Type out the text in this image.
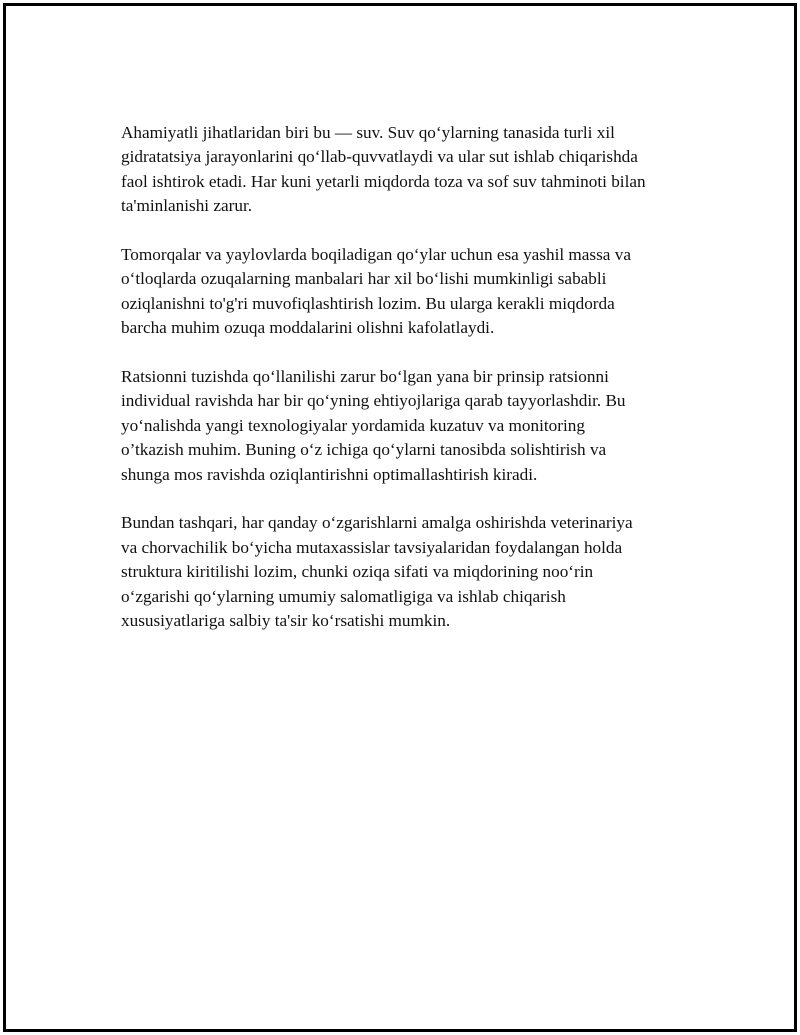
Ahamiyatli jihatlaridan biri bu — suv. Suv qo‘ylarning tanasida turli xil
gidratatsiya jarayonlarini qo‘llab-quvvatlaydi va ular sut ishlab chiqarishda
faol ishtirok etadi. Har kuni yetarli miqdorda toza va sof suv tahminoti bilan
ta'minlanishi zarur.

Tomorqalar va yaylovlarda boqiladigan qo‘ylar uchun esa yashil massa va
o‘tloqlarda ozuqalarning manbalari har xil bo‘lishi mumkinligi sababli
oziqlanishni to'g'ri muvofiqlashtirish lozim. Bu ularga kerakli miqdorda
barcha muhim ozuqa moddalarini olishni kafolatlaydi.

Ratsionni tuzishda qo‘llanilishi zarur bo‘lgan yana bir prinsip ratsionni
individual ravishda har bir qo‘yning ehtiyojlariga qarab tayyorlashdir. Bu
yo‘nalishda yangi texnologiyalar yordamida kuzatuv va monitoring
o’tkazish muhim. Buning o‘z ichiga qo‘ylarni tanosibda solishtirish va
shunga mos ravishda oziqlantirishni optimallashtirish kiradi.

Bundan tashqari, har qanday o‘zgarishlarni amalga oshirishda veterinariya
va chorvachilik bo‘yicha mutaxassislar tavsiyalaridan foydalangan holda
struktura kiritilishi lozim, chunki oziqa sifati va miqdorining noo‘rin
o‘zgarishi qo‘ylarning umumiy salomatligiga va ishlab chiqarish
xususiyatlariga salbiy ta'sir ko‘rsatishi mumkin.
